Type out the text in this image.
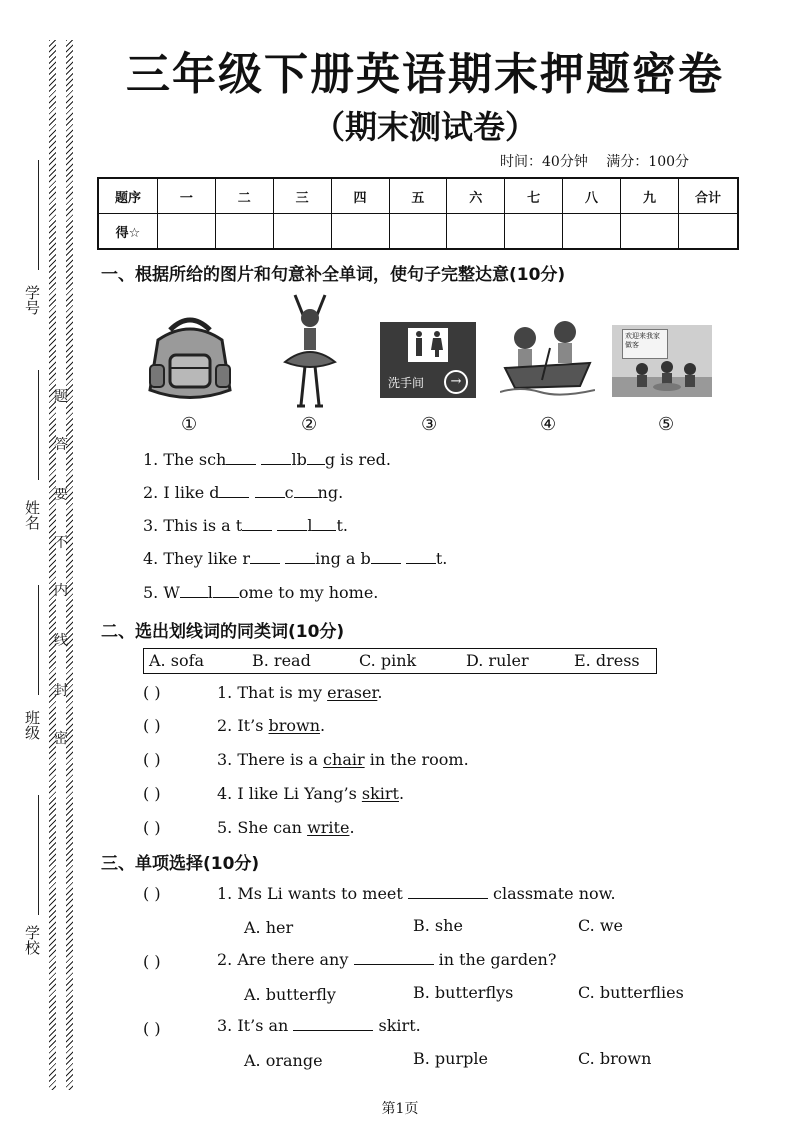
学号
姓名
班级
学校
题
答
要
不
内
线
封
密
三年级下册英语期末押题密卷
（期末测试卷）
时间：40分钟 满分：100分
题序	一	二	三	四	五	六	七	八	九	合计
得☆										
一、根据所给的图片和句意补全单词，使句子完整达意(10分)
①	②
洗手间	→
③	④
欢迎来我家做客
⑤
1. The sch	lb g is red.
2. I like d	c ng.
3. This is a t	l t.
4. They like r	ing a b	t.
5. W l ome to my home.
二、选出划线词的同类词(10分)
A. sofa	B. read	C. pink	D. ruler	E. dress
( )	1. That is my eraser.
( )	2. It’s brown.
( )	3. There is a chair in the room.
( )	4. I like Li Yang’s skirt.
( )	5. She can write.
三、单项选择(10分)
( )	1. Ms Li wants to meet	classmate now.
A. her	B. she	C. we
( )	2. Are there any	in the garden?
A. butterfly	B. butterflys	C. butterflies
( )	3. It’s an	skirt.
A. orange	B. purple	C. brown
第1页
